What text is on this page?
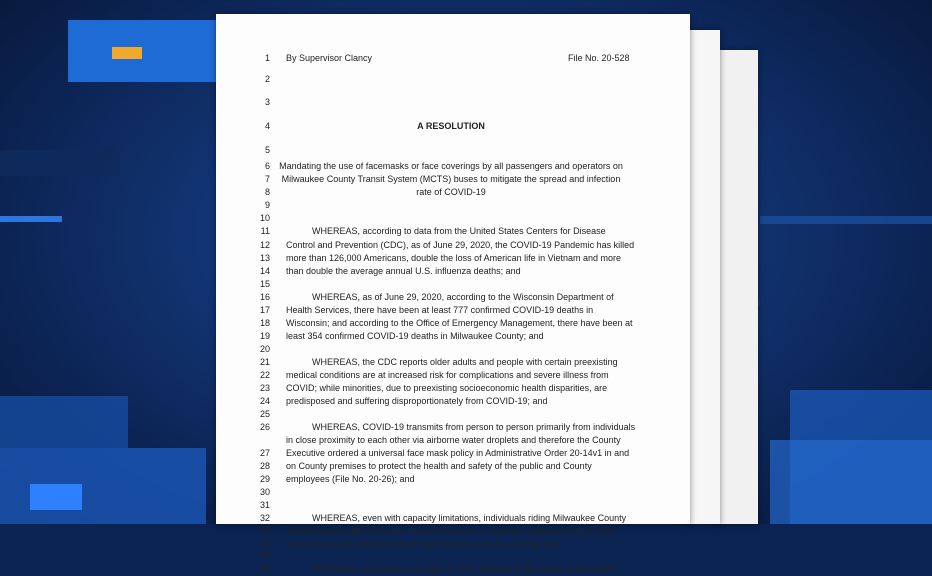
1 By Supervisor Clancy	File No. 20-528
2
3
4	A RESOLUTION
5
6	Mandating the use of facemasks or face coverings by all passengers and operators on
7	Milwaukee County Transit System (MCTS) buses to mitigate the spread and infection
8	rate of COVID-19
9
10
11	WHEREAS, according to data from the United States Centers for Disease
12 Control and Prevention (CDC), as of June 29, 2020, the COVID-19 Pandemic has killed
13 more than 126,000 Americans, double the loss of American life in Vietnam and more
14 than double the average annual U.S. influenza deaths; and
15
16	WHEREAS, as of June 29, 2020, according to the Wisconsin Department of
17 Health Services, there have been at least 777 confirmed COVID-19 deaths in
18 Wisconsin; and according to the Office of Emergency Management, there have been at
19 least 354 confirmed COVID-19 deaths in Milwaukee County; and
20
21	WHEREAS, the CDC reports older adults and people with certain preexisting
22 medical conditions are at increased risk for complications and severe illness from
23 COVID; while minorities, due to preexisting socioeconomic health disparities, are
24 predisposed and suffering disproportionately from COVID-19; and
25
26	WHEREAS, COVID-19 transmits from person to person primarily from individuals
in close proximity to each other via airborne water droplets and therefore the County
27 Executive ordered a universal face mask policy in Administrative Order 20-14v1 in and
28 on County premises to protect the health and safety of the public and County
29 employees (File No. 20-26); and
30
31
32	WHEREAS, even with capacity limitations, individuals riding Milwaukee County
33 Transit System (MCTS) buses remain enclosed in relatively close proximity to each
34 other sharing the same air which may carry the COVID-19 virus; and
35
36	WHEREAS, according to an April 3, 2020 National Public Radio article titled,
